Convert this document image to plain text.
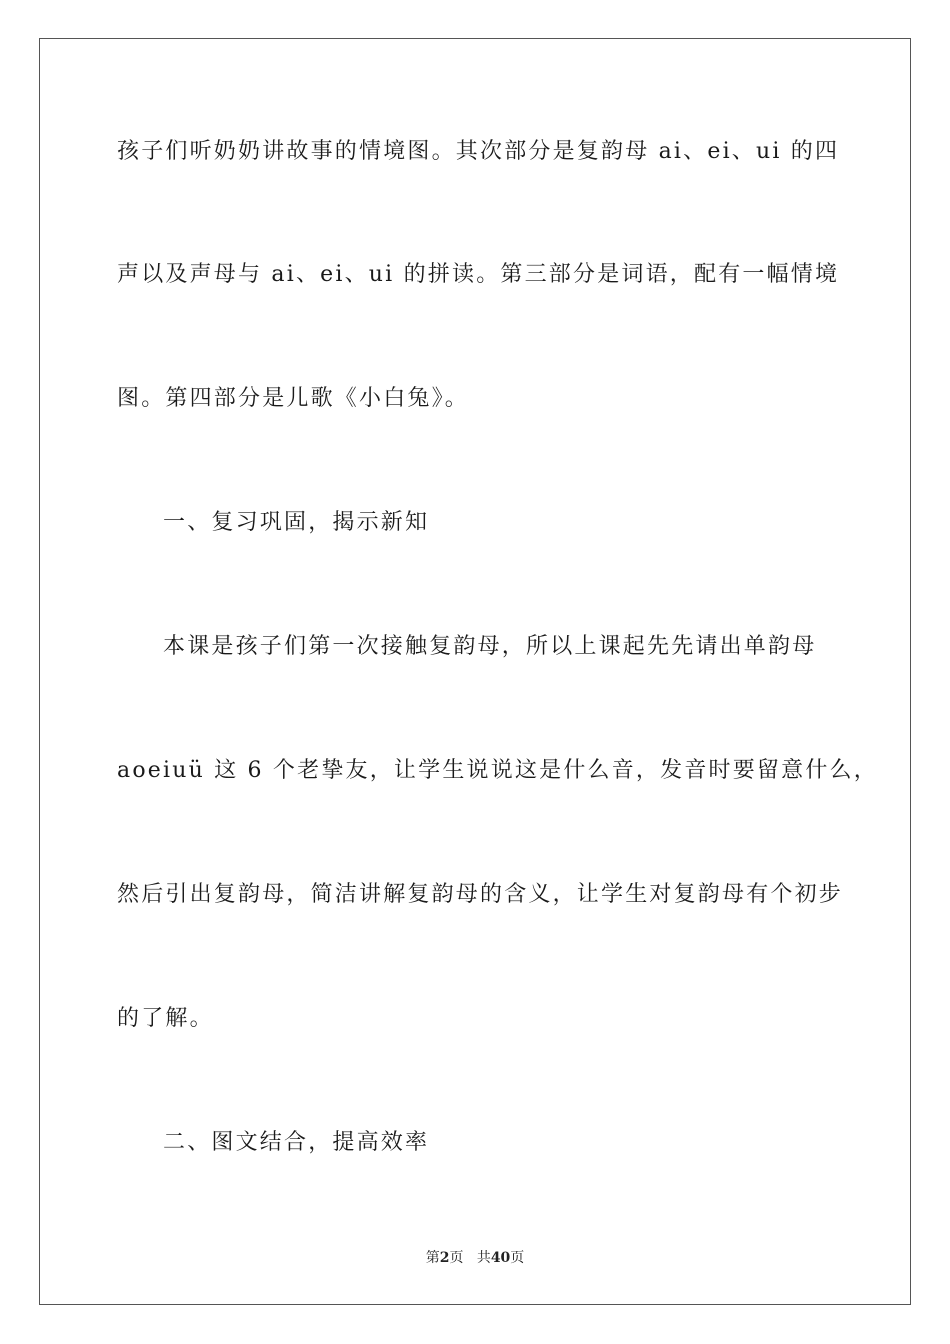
孩子们听奶奶讲故事的情境图。其次部分是复韵母 ai、ei、ui 的四
声以及声母与 ai、ei、ui 的拼读。第三部分是词语，配有一幅情境
图。第四部分是儿歌《小白兔》。
一、复习巩固，揭示新知
本课是孩子们第一次接触复韵母，所以上课起先先请出单韵母
aoeiuü 这 6 个老挚友，让学生说说这是什么音，发音时要留意什么，
然后引出复韵母，简洁讲解复韵母的含义，让学生对复韵母有个初步
的了解。
二、图文结合，提高效率
第2页 共40页
